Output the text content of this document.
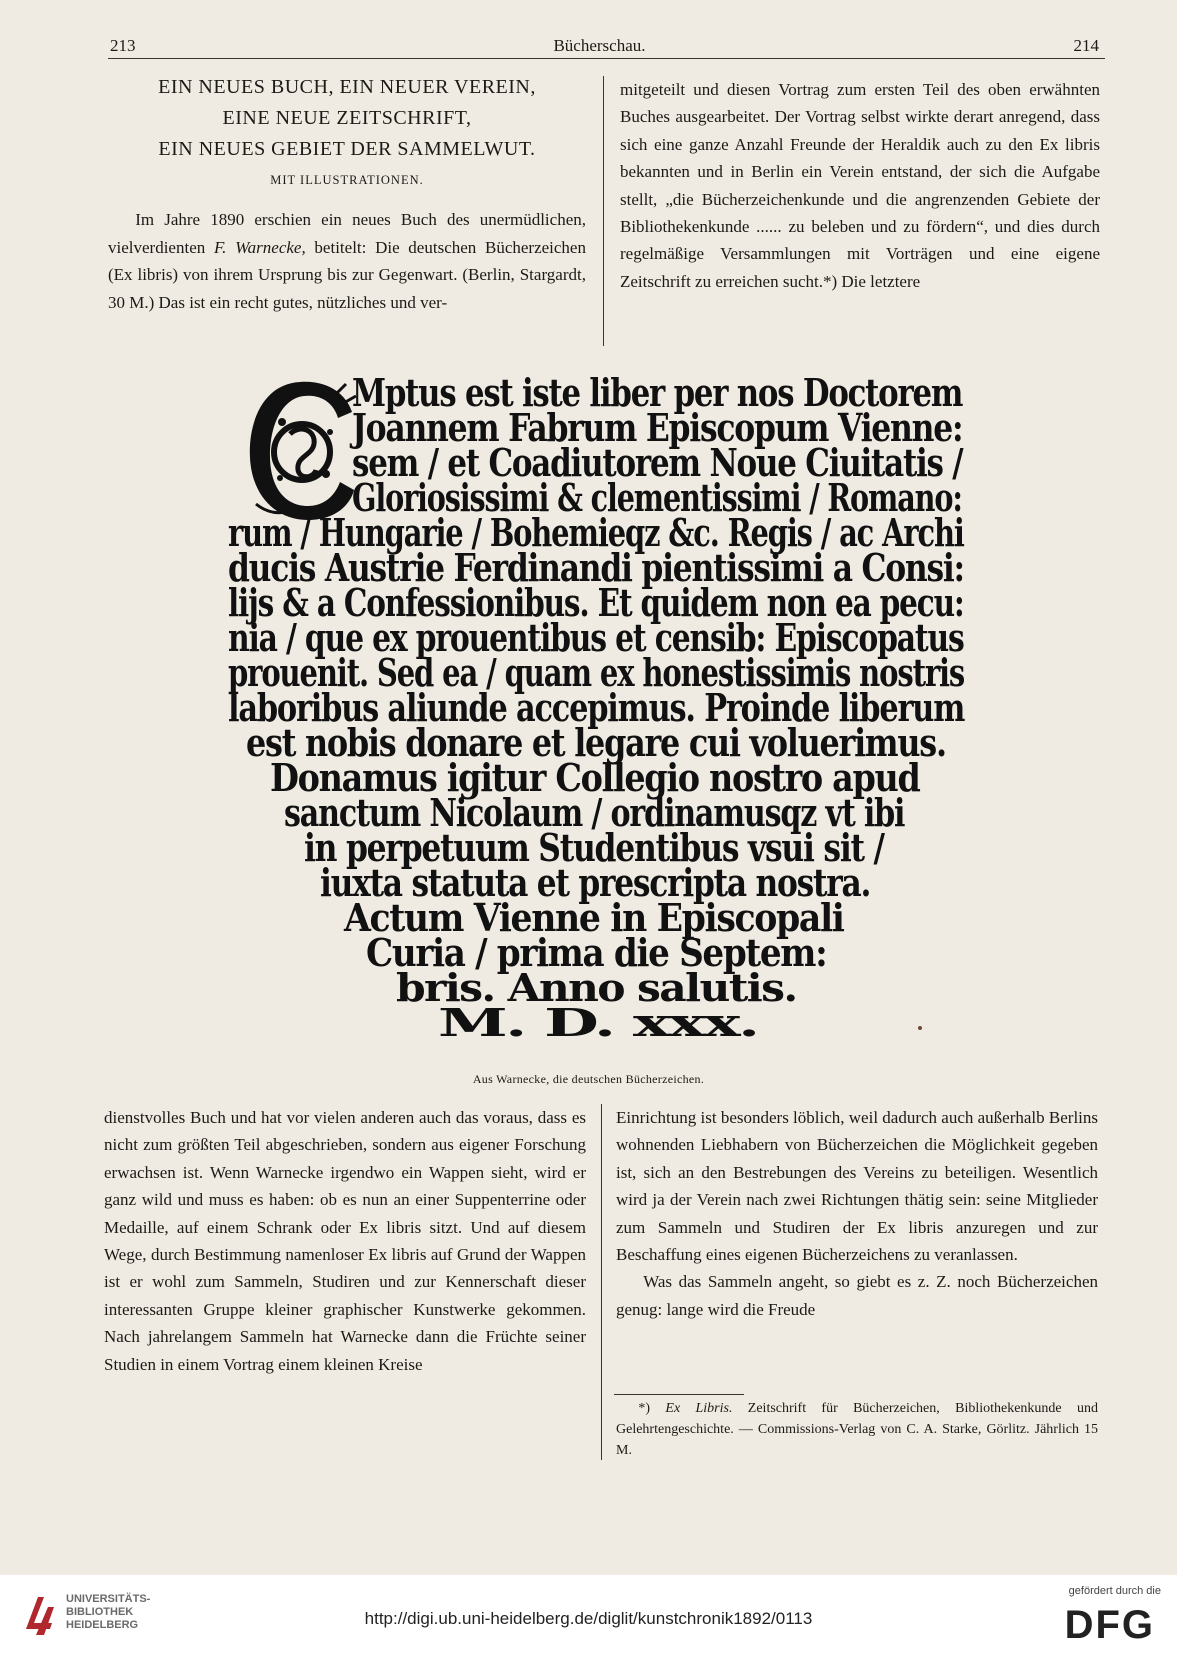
213	Bücherschau.	214
EIN NEUES BUCH, EIN NEUER VEREIN,
EINE NEUE ZEITSCHRIFT,
EIN NEUES GEBIET DER SAMMELWUT.
MIT ILLUSTRATIONEN.

Im Jahre 1890 erschien ein neues Buch des unermüdlichen, vielverdienten F. Warnecke, betitelt: Die deutschen Bücherzeichen (Ex libris) von ihrem Ursprung bis zur Gegenwart. (Berlin, Stargardt, 30 M.) Das ist ein recht gutes, nützliches und ver-

mitgeteilt und diesen Vortrag zum ersten Teil des oben erwähnten Buches ausgearbeitet. Der Vortrag selbst wirkte derart anregend, dass sich eine ganze Anzahl Freunde der Heraldik auch zu den Ex libris bekannten und in Berlin ein Verein entstand, der sich die Aufgabe stellt, „die Bücherzeichenkunde und die angrenzenden Gebiete der Bibliothekenkunde ...... zu beleben und zu fördern“, und dies durch regelmäßige Versammlungen mit Vorträgen und eine eigene Zeitschrift zu erreichen sucht.*) Die letztere

Mptus est iste liber per nos Doctorem
Joannem Fabrum Episcopum Vienne:
sem / et Coadiutorem Noue Ciuitatis /
Gloriosissimi & clementissimi / Romano:
rum / Hungarie / Bohemieqz &c. Regis / ac Archi
ducis Austrie Ferdinandi pientissimi a Consi:
lijs & a Confessionibus. Et quidem non ea pecu:
nia / que ex prouentibus et censib: Episcopatus
prouenit. Sed ea / quam ex honestissimis nostris
laboribus aliunde accepimus. Proinde liberum
est nobis donare et legare cui voluerimus.
Donamus igitur Collegio nostro apud
sanctum Nicolaum / ordinamusqz vt ibi
in perpetuum Studentibus vsui sit /
iuxta statuta et prescripta nostra.
Actum Vienne in Episcopali
Curia / prima die Septem:
bris. Anno salutis.
M. D. xxx.
Aus Warnecke, die deutschen Bücherzeichen.

dienstvolles Buch und hat vor vielen anderen auch das voraus, dass es nicht zum größten Teil abgeschrieben, sondern aus eigener Forschung erwachsen ist. Wenn Warnecke irgendwo ein Wappen sieht, wird er ganz wild und muss es haben: ob es nun an einer Suppenterrine oder Medaille, auf einem Schrank oder Ex libris sitzt. Und auf diesem Wege, durch Bestimmung namenloser Ex libris auf Grund der Wappen ist er wohl zum Sammeln, Studiren und zur Kennerschaft dieser interessanten Gruppe kleiner graphischer Kunstwerke gekommen. Nach jahrelangem Sammeln hat Warnecke dann die Früchte seiner Studien in einem Vortrag einem kleinen Kreise

Einrichtung ist besonders löblich, weil dadurch auch außerhalb Berlins wohnenden Liebhabern von Bücherzeichen die Möglichkeit gegeben ist, sich an den Bestrebungen des Vereins zu beteiligen. Wesentlich wird ja der Verein nach zwei Richtungen thätig sein: seine Mitglieder zum Sammeln und Studiren der Ex libris anzuregen und zur Beschaffung eines eigenen Bücherzeichens zu veranlassen.

Was das Sammeln angeht, so giebt es z. Z. noch Bücherzeichen genug: lange wird die Freude

*) Ex Libris. Zeitschrift für Bücherzeichen, Bibliothekenkunde und Gelehrtengeschichte. — Commissions-Verlag von C. A. Starke, Görlitz. Jährlich 15 M.

UNIVERSITÄTS-
BIBLIOTHEK
HEIDELBERG	http://digi.ub.uni-heidelberg.de/diglit/kunstchronik1892/0113
gefördert durch die
DFG
